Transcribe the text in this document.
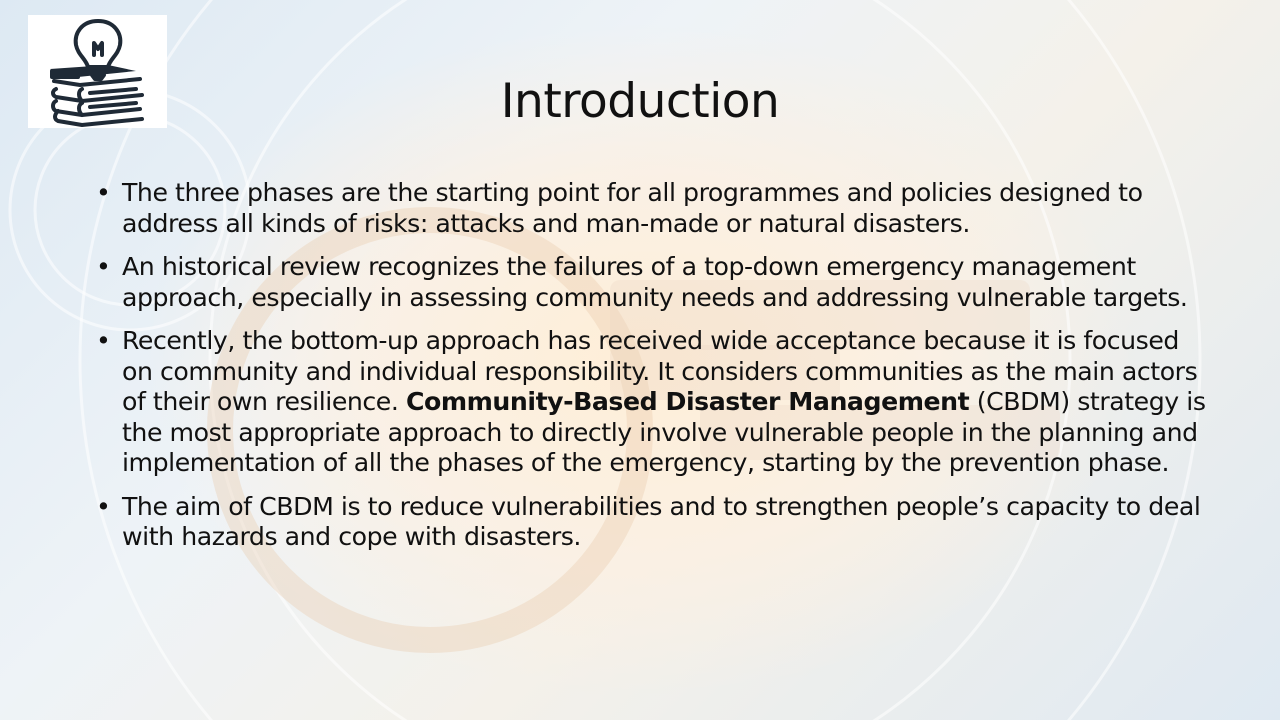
Introduction
• The three phases are the starting point for all programmes and policies designed to address all kinds of risks: attacks and man-made or natural disasters.
• An historical review recognizes the failures of a top-down emergency management approach, especially in assessing community needs and addressing vulnerable targets.
• Recently, the bottom-up approach has received wide acceptance because it is focused on community and individual responsibility. It considers communities as the main actors of their own resilience. Community-Based Disaster Management (CBDM) strategy is the most appropriate approach to directly involve vulnerable people in the planning and implementation of all the phases of the emergency, starting by the prevention phase.
• The aim of CBDM is to reduce vulnerabilities and to strengthen people’s capacity to deal with hazards and cope with disasters.
